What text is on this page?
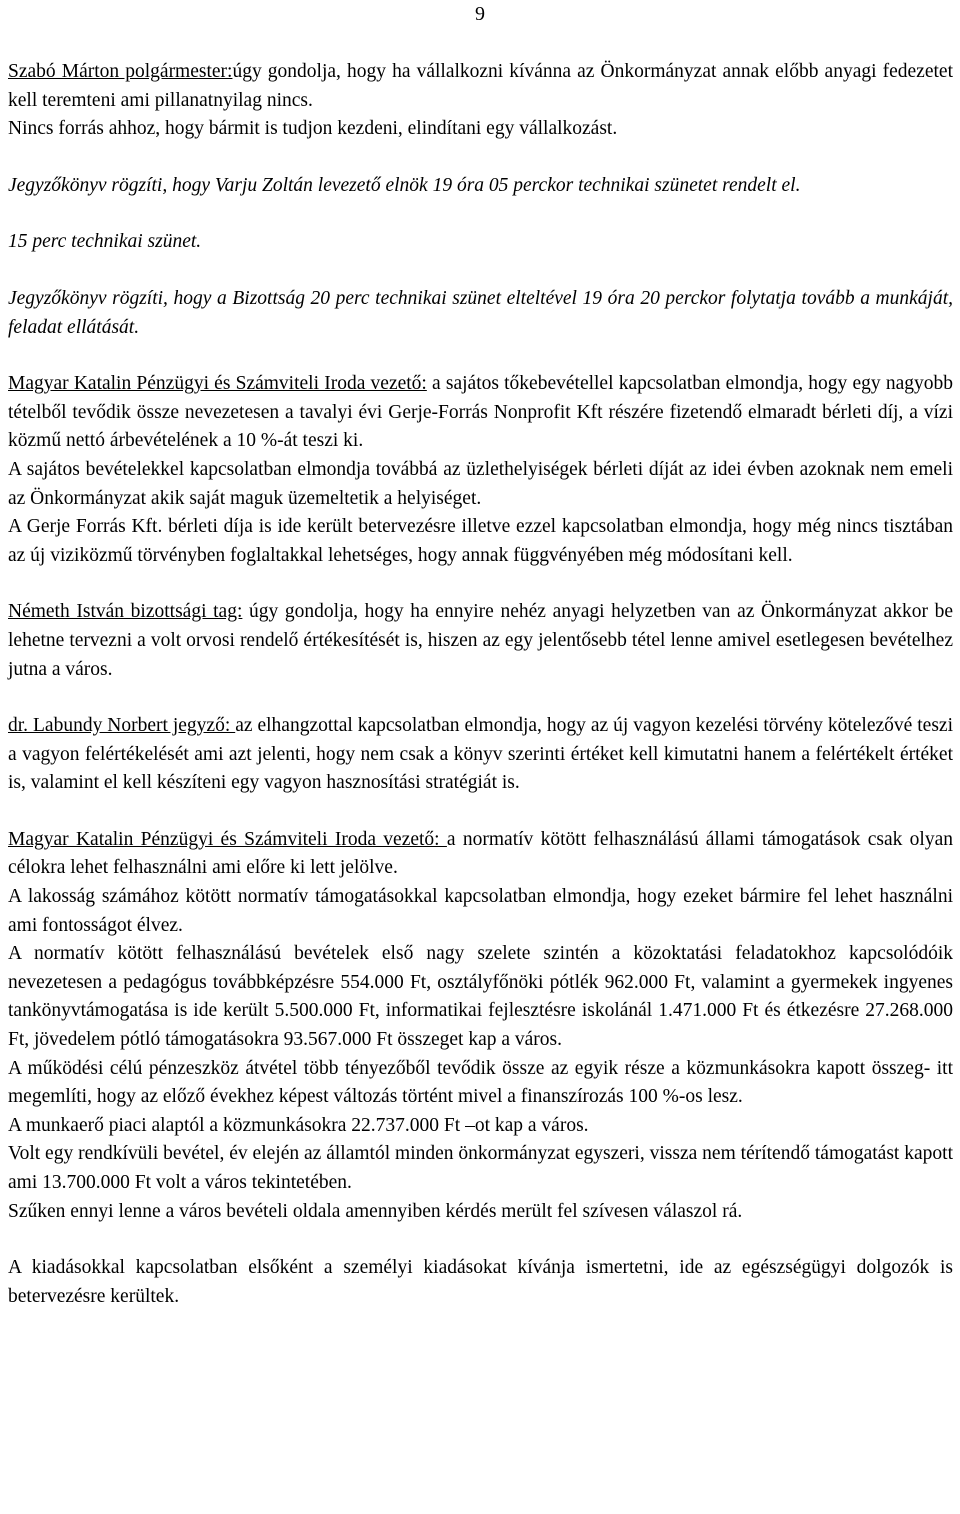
9

Szabó Márton polgármester:úgy gondolja, hogy ha vállalkozni kívánna az Önkormányzat annak előbb anyagi fedezetet kell teremteni ami pillanatnyilag nincs.

Nincs forrás ahhoz, hogy bármit is tudjon kezdeni, elindítani egy vállalkozást.

Jegyzőkönyv rögzíti, hogy Varju Zoltán levezető elnök 19 óra 05 perckor technikai szünetet rendelt el.

15 perc technikai szünet.

Jegyzőkönyv rögzíti, hogy a Bizottság 20 perc technikai szünet elteltével 19 óra 20 perckor folytatja tovább a munkáját, feladat ellátását.

Magyar Katalin Pénzügyi és Számviteli Iroda vezető: a sajátos tőkebevétellel kapcsolatban elmondja, hogy egy nagyobb tételből tevődik össze nevezetesen a tavalyi évi Gerje-Forrás Nonprofit Kft részére fizetendő elmaradt bérleti díj, a vízi közmű nettó árbevételének a 10 %-át teszi ki.

A sajátos bevételekkel kapcsolatban elmondja továbbá az üzlethelyiségek bérleti díját az idei évben azoknak nem emeli az Önkormányzat akik saját maguk üzemeltetik a helyiséget.

A Gerje Forrás Kft. bérleti díja is ide került betervezésre illetve ezzel kapcsolatban elmondja, hogy még nincs tisztában az új viziközmű törvényben foglaltakkal lehetséges, hogy annak függvényében még módosítani kell.

Németh István bizottsági tag: úgy gondolja, hogy ha ennyire nehéz anyagi helyzetben van az Önkormányzat akkor be lehetne tervezni a volt orvosi rendelő értékesítését is, hiszen az egy jelentősebb tétel lenne amivel esetlegesen bevételhez jutna a város.

dr. Labundy Norbert jegyző: az elhangzottal kapcsolatban elmondja, hogy az új vagyon kezelési törvény kötelezővé teszi a vagyon felértékelését ami azt jelenti, hogy nem csak a könyv szerinti értéket kell kimutatni hanem a felértékelt értéket is, valamint el kell készíteni egy vagyon hasznosítási stratégiát is.

Magyar Katalin Pénzügyi és Számviteli Iroda vezető: a normatív kötött felhasználású állami támogatások csak olyan célokra lehet felhasználni ami előre ki lett jelölve.

A lakosság számához kötött normatív támogatásokkal kapcsolatban elmondja, hogy ezeket bármire fel lehet használni ami fontosságot élvez.

A normatív kötött felhasználású bevételek első nagy szelete szintén a közoktatási feladatokhoz kapcsolódóik nevezetesen a pedagógus továbbképzésre 554.000 Ft, osztályfőnöki pótlék 962.000 Ft, valamint a gyermekek ingyenes tankönyvtámogatása is ide került 5.500.000 Ft, informatikai fejlesztésre iskolánál 1.471.000 Ft és étkezésre 27.268.000 Ft, jövedelem pótló támogatásokra 93.567.000 Ft összeget kap a város.

A működési célú pénzeszköz átvétel több tényezőből tevődik össze az egyik része a közmunkásokra kapott összeg- itt megemlíti, hogy az előző évekhez képest változás történt mivel a finanszírozás 100 %-os lesz.

A munkaerő piaci alaptól a közmunkásokra 22.737.000 Ft –ot kap a város.

Volt egy rendkívüli bevétel, év elején az államtól minden önkormányzat egyszeri, vissza nem térítendő támogatást kapott ami 13.700.000 Ft volt a város tekintetében.

Szűken ennyi lenne a város bevételi oldala amennyiben kérdés merült fel szívesen válaszol rá.

A kiadásokkal kapcsolatban elsőként a személyi kiadásokat kívánja ismertetni, ide az egészségügyi dolgozók is betervezésre kerültek.
